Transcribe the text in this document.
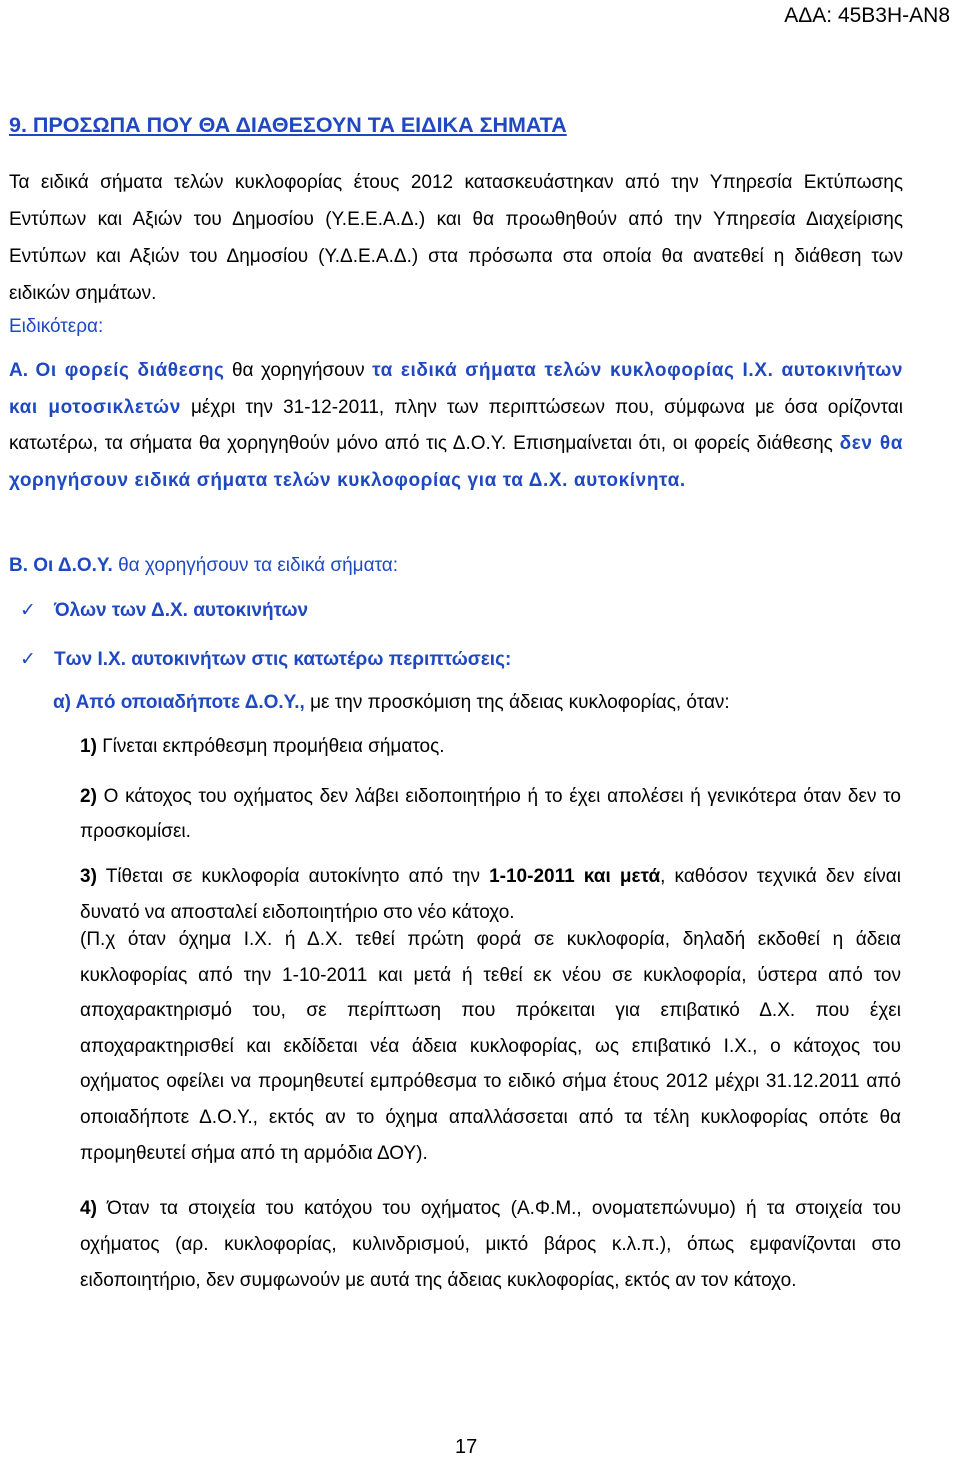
ΑΔΑ: 45Β3Η-ΑΝ8

9. ΠΡΟΣΩΠΑ ΠΟΥ ΘΑ ΔΙΑΘΕΣΟΥΝ ΤΑ ΕΙΔΙΚΑ ΣΗΜΑΤΑ

Τα ειδικά σήματα τελών κυκλοφορίας έτους 2012 κατασκευάστηκαν από την Υπηρεσία Εκτύπωσης Εντύπων και Αξιών του Δημοσίου (Υ.Ε.Ε.Α.Δ.) και θα προωθηθούν από την Υπηρεσία Διαχείρισης Εντύπων και Αξιών του Δημοσίου (Υ.Δ.Ε.Α.Δ.) στα πρόσωπα στα οποία θα ανατεθεί η διάθεση των ειδικών σημάτων.

Ειδικότερα:

Α. Οι φορείς διάθεσης θα χορηγήσουν τα ειδικά σήματα τελών κυκλοφορίας Ι.Χ. αυτοκινήτων και μοτοσικλετών μέχρι την 31-12-2011, πλην των περιπτώσεων που, σύμφωνα με όσα ορίζονται κατωτέρω, τα σήματα θα χορηγηθούν μόνο από τις Δ.Ο.Υ. Επισημαίνεται ότι, οι φορείς διάθεσης δεν θα χορηγήσουν ειδικά σήματα τελών κυκλοφορίας για τα Δ.Χ. αυτοκίνητα.

Β. Οι Δ.Ο.Υ. θα χορηγήσουν τα ειδικά σήματα:

✓ Όλων των Δ.Χ. αυτοκινήτων

✓ Των Ι.Χ. αυτοκινήτων στις κατωτέρω περιπτώσεις:

α) Από οποιαδήποτε Δ.Ο.Υ., με την προσκόμιση της άδειας κυκλοφορίας, όταν:

1) Γίνεται εκπρόθεσμη προμήθεια σήματος.

2) Ο κάτοχος του οχήματος δεν λάβει ειδοποιητήριο ή το έχει απολέσει ή γενικότερα όταν δεν το προσκομίσει.

3) Τίθεται σε κυκλοφορία αυτοκίνητο από την 1-10-2011 και μετά, καθόσον τεχνικά δεν είναι δυνατό να αποσταλεί ειδοποιητήριο στο νέο κάτοχο.

(Π.χ όταν όχημα Ι.Χ. ή Δ.Χ. τεθεί πρώτη φορά σε κυκλοφορία, δηλαδή εκδοθεί η άδεια κυκλοφορίας από την 1-10-2011 και μετά ή τεθεί εκ νέου σε κυκλοφορία, ύστερα από τον αποχαρακτηρισμό του, σε περίπτωση που πρόκειται για επιβατικό Δ.Χ. που έχει αποχαρακτηρισθεί και εκδίδεται νέα άδεια κυκλοφορίας, ως επιβατικό Ι.Χ., ο κάτοχος του οχήματος οφείλει να προμηθευτεί εμπρόθεσμα το ειδικό σήμα έτους 2012 μέχρι 31.12.2011 από οποιαδήποτε Δ.Ο.Υ., εκτός αν το όχημα απαλλάσσεται από τα τέλη κυκλοφορίας οπότε θα προμηθευτεί σήμα από τη αρμόδια ΔΟΥ).

4) Όταν τα στοιχεία του κατόχου του οχήματος (Α.Φ.Μ., ονοματεπώνυμο) ή τα στοιχεία του οχήματος (αρ. κυκλοφορίας, κυλινδρισμού, μικτό βάρος κ.λ.π.), όπως εμφανίζονται στο ειδοποιητήριο, δεν συμφωνούν με αυτά της άδειας κυκλοφορίας, εκτός αν τον κάτοχο.

17
